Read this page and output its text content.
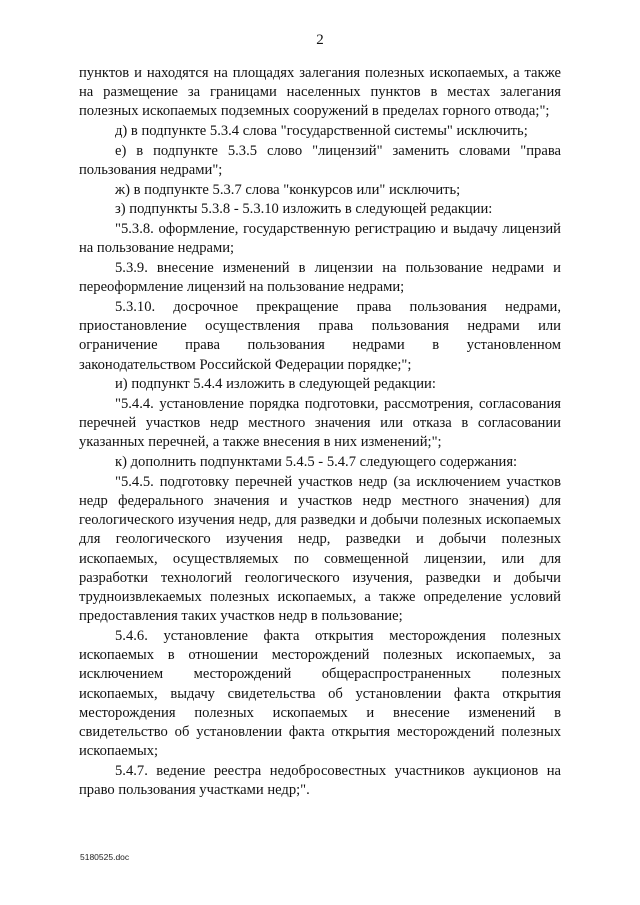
2

пунктов и находятся на площадях залегания полезных ископаемых, а также на размещение за границами населенных пунктов в местах залегания полезных ископаемых подземных сооружений в пределах горного отвода;";

д) в подпункте 5.3.4 слова "государственной системы" исключить;

е) в подпункте 5.3.5 слово "лицензий" заменить словами "права пользования недрами";

ж) в подпункте 5.3.7 слова "конкурсов или" исключить;

з) подпункты 5.3.8 - 5.3.10 изложить в следующей редакции:

"5.3.8. оформление, государственную регистрацию и выдачу лицензий на пользование недрами;

5.3.9. внесение изменений в лицензии на пользование недрами и переоформление лицензий на пользование недрами;

5.3.10. досрочное прекращение права пользования недрами, приостановление осуществления права пользования недрами или ограничение права пользования недрами в установленном законодательством Российской Федерации порядке;";

и) подпункт 5.4.4 изложить в следующей редакции:

"5.4.4. установление порядка подготовки, рассмотрения, согласования перечней участков недр местного значения или отказа в согласовании указанных перечней, а также внесения в них изменений;";

к) дополнить подпунктами 5.4.5 - 5.4.7 следующего содержания:

"5.4.5. подготовку перечней участков недр (за исключением участков недр федерального значения и участков недр местного значения) для геологического изучения недр, для разведки и добычи полезных ископаемых для геологического изучения недр, разведки и добычи полезных ископаемых, осуществляемых по совмещенной лицензии, или для разработки технологий геологического изучения, разведки и добычи трудноизвлекаемых полезных ископаемых, а также определение условий предоставления таких участков недр в пользование;

5.4.6. установление факта открытия месторождения полезных ископаемых в отношении месторождений полезных ископаемых, за исключением месторождений общераспространенных полезных ископаемых, выдачу свидетельства об установлении факта открытия месторождения полезных ископаемых и внесение изменений в свидетельство об установлении факта открытия месторождений полезных ископаемых;

5.4.7. ведение реестра недобросовестных участников аукционов на право пользования участками недр;".

5180525.doc
